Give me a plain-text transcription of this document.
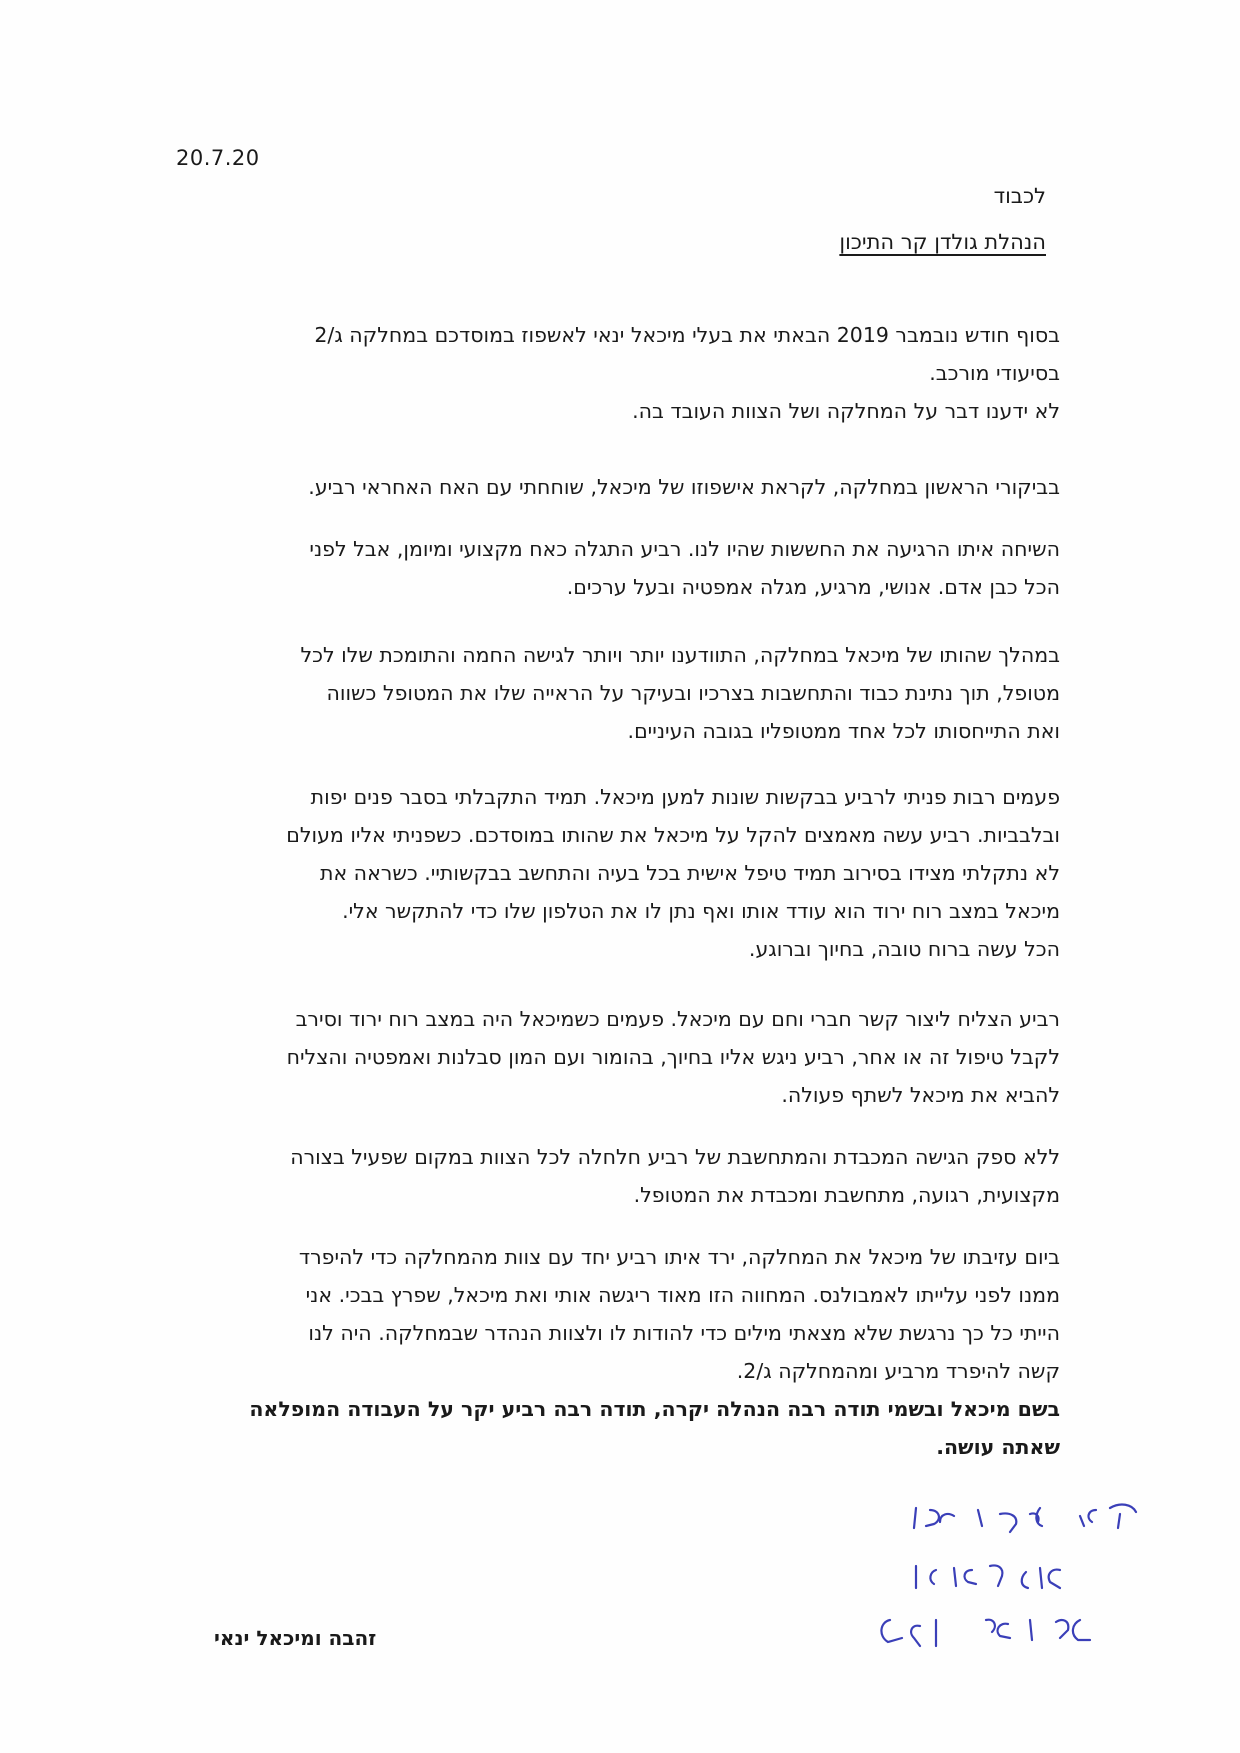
20.7.20
לכבוד
הנהלת גולדן קר התיכון

בסוף חודש נובמבר 2019 הבאתי את בעלי מיכאל ינאי לאשפוז במוסדכם במחלקה ג/2
בסיעודי מורכב.
לא ידענו דבר על המחלקה ושל הצוות העובד בה.

בביקורי הראשון במחלקה, לקראת אישפוזו של מיכאל, שוחחתי עם האח האחראי רביע.

השיחה איתו הרגיעה את החששות שהיו לנו. רביע התגלה כאח מקצועי ומיומן, אבל לפני
הכל כבן אדם. אנושי, מרגיע, מגלה אמפטיה ובעל ערכים.

במהלך שהותו של מיכאל במחלקה, התוודענו יותר ויותר לגישה החמה והתומכת שלו לכל
מטופל, תוך נתינת כבוד והתחשבות בצרכיו ובעיקר על הראייה שלו את המטופל כשווה
ואת התייחסותו לכל אחד ממטופליו בגובה העיניים.

פעמים רבות פניתי לרביע בבקשות שונות למען מיכאל. תמיד התקבלתי בסבר פנים יפות
ובלבביות. רביע עשה מאמצים להקל על מיכאל את שהותו במוסדכם. כשפניתי אליו מעולם
לא נתקלתי מצידו בסירוב תמיד טיפל אישית בכל בעיה והתחשב בבקשותיי. כשראה את
מיכאל במצב רוח ירוד הוא עודד אותו ואף נתן לו את הטלפון שלו כדי להתקשר אלי.
הכל עשה ברוח טובה, בחיוך וברוגע.

רביע הצליח ליצור קשר חברי וחם עם מיכאל. פעמים כשמיכאל היה במצב רוח ירוד וסירב
לקבל טיפול זה או אחר, רביע ניגש אליו בחיוך, בהומור ועם המון סבלנות ואמפטיה והצליח
להביא את מיכאל לשתף פעולה.

ללא ספק הגישה המכבדת והמתחשבת של רביע חלחלה לכל הצוות במקום שפעיל בצורה
מקצועית, רגועה, מתחשבת ומכבדת את המטופל.

ביום עזיבתו של מיכאל את המחלקה, ירד איתו רביע יחד עם צוות מהמחלקה כדי להיפרד
ממנו לפני עלייתו לאמבולנס. המחווה הזו מאוד ריגשה אותי ואת מיכאל, שפרץ בבכי. אני
הייתי כל כך נרגשת שלא מצאתי מילים כדי להודות לו ולצוות הנהדר שבמחלקה. היה לנו
קשה להיפרד מרביע ומהמחלקה ג/2.

בשם מיכאל ובשמי תודה רבה הנהלה יקרה, תודה רבה רביע יקר על העבודה המופלאה
שאתה עושה.

זהבה ומיכאל ינאי
